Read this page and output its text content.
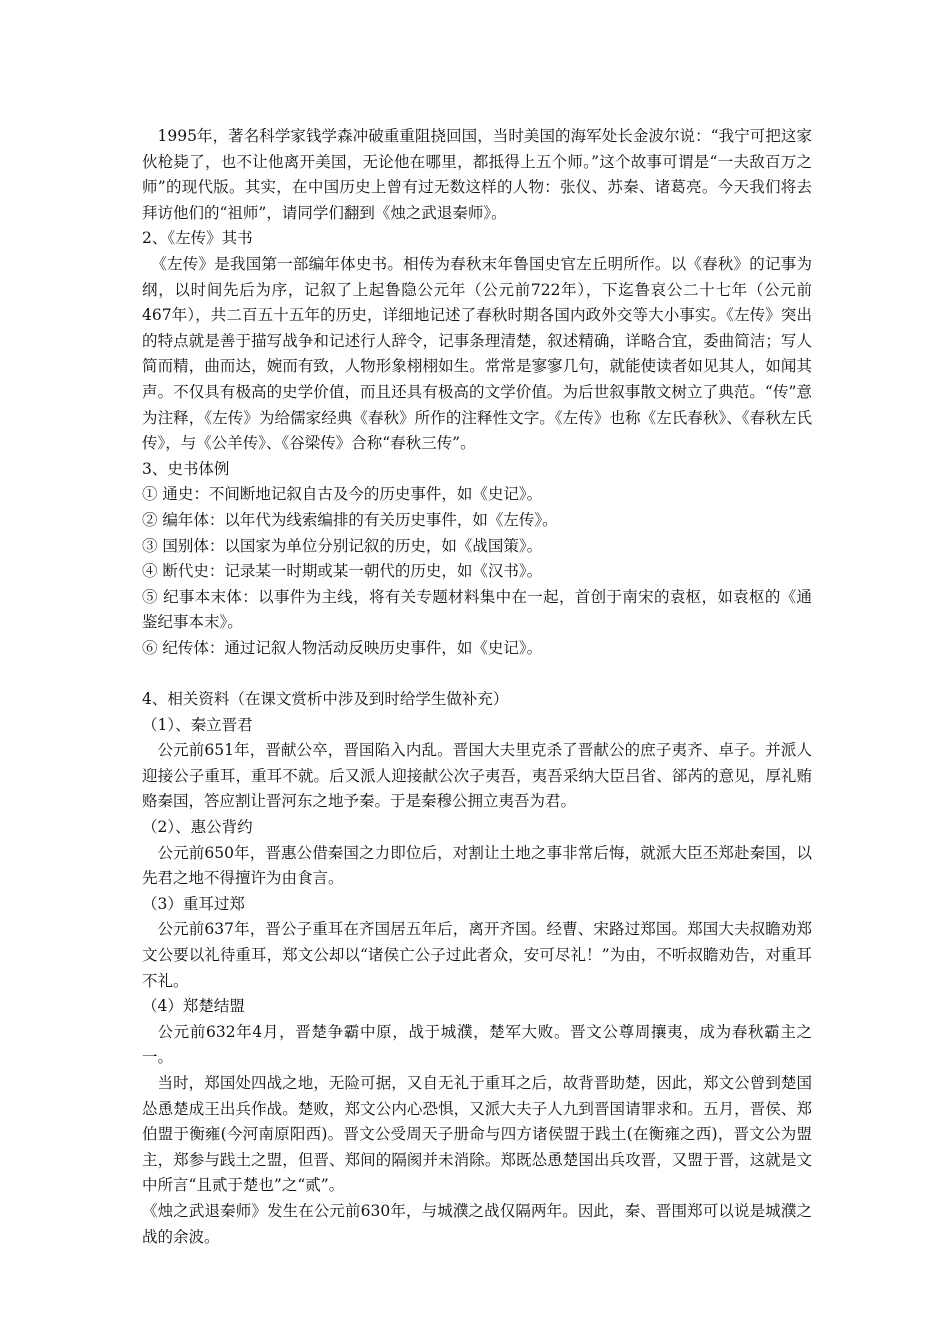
1995年，著名科学家钱学森冲破重重阻挠回国，当时美国的海军处长金波尔说：“我宁可把这家伙枪毙了，也不让他离开美国，无论他在哪里，都抵得上五个师。”这个故事可谓是“一夫敌百万之师”的现代版。其实，在中国历史上曾有过无数这样的人物：张仪、苏秦、诸葛亮。今天我们将去拜访他们的“祖师”，请同学们翻到《烛之武退秦师》。

2、《左传》其书

《左传》是我国第一部编年体史书。相传为春秋末年鲁国史官左丘明所作。以《春秋》的记事为纲，以时间先后为序，记叙了上起鲁隐公元年（公元前722年），下迄鲁哀公二十七年（公元前467年），共二百五十五年的历史，详细地记述了春秋时期各国内政外交等大小事实。《左传》突出的特点就是善于描写战争和记述行人辞令，记事条理清楚，叙述精确，详略合宜，委曲简洁；写人简而精，曲而达，婉而有致，人物形象栩栩如生。常常是寥寥几句，就能使读者如见其人，如闻其声。不仅具有极高的史学价值，而且还具有极高的文学价值。为后世叙事散文树立了典范。“传”意为注释，《左传》为给儒家经典《春秋》所作的注释性文字。《左传》也称《左氏春秋》、《春秋左氏传》，与《公羊传》、《谷梁传》合称“春秋三传”。

3、史书体例

① 通史：不间断地记叙自古及今的历史事件，如《史记》。

② 编年体：以年代为线索编排的有关历史事件，如《左传》。

③ 国别体：以国家为单位分别记叙的历史，如《战国策》。

④ 断代史：记录某一时期或某一朝代的历史，如《汉书》。

⑤ 纪事本末体：以事件为主线，将有关专题材料集中在一起，首创于南宋的袁枢，如袁枢的《通鉴纪事本末》。

⑥ 纪传体：通过记叙人物活动反映历史事件，如《史记》。

4、相关资料（在课文赏析中涉及到时给学生做补充）

（1）、秦立晋君

公元前651年，晋献公卒，晋国陷入内乱。晋国大夫里克杀了晋献公的庶子夷齐、卓子。并派人迎接公子重耳，重耳不就。后又派人迎接献公次子夷吾，夷吾采纳大臣吕省、郤芮的意见，厚礼贿赂秦国，答应割让晋河东之地予秦。于是秦穆公拥立夷吾为君。

（2）、惠公背约

公元前650年，晋惠公借秦国之力即位后，对割让土地之事非常后悔，就派大臣丕郑赴秦国，以先君之地不得擅许为由食言。

（3）重耳过郑

公元前637年，晋公子重耳在齐国居五年后，离开齐国。经曹、宋路过郑国。郑国大夫叔瞻劝郑文公要以礼待重耳，郑文公却以“诸侯亡公子过此者众，安可尽礼！”为由，不听叔瞻劝告，对重耳不礼。

（4）郑楚结盟

公元前632年4月，晋楚争霸中原，战于城濮，楚军大败。晋文公尊周攘夷，成为春秋霸主之一。

当时，郑国处四战之地，无险可据，又自无礼于重耳之后，故背晋助楚，因此，郑文公曾到楚国怂恿楚成王出兵作战。楚败，郑文公内心恐惧，又派大夫子人九到晋国请罪求和。五月，晋侯、郑伯盟于衡雍(今河南原阳西)。晋文公受周天子册命与四方诸侯盟于践土(在衡雍之西)，晋文公为盟主，郑参与践土之盟，但晋、郑间的隔阂并未消除。郑既怂恿楚国出兵攻晋，又盟于晋，这就是文中所言“且贰于楚也”之“贰”。

《烛之武退秦师》发生在公元前630年，与城濮之战仅隔两年。因此，秦、晋围郑可以说是城濮之战的余波。
